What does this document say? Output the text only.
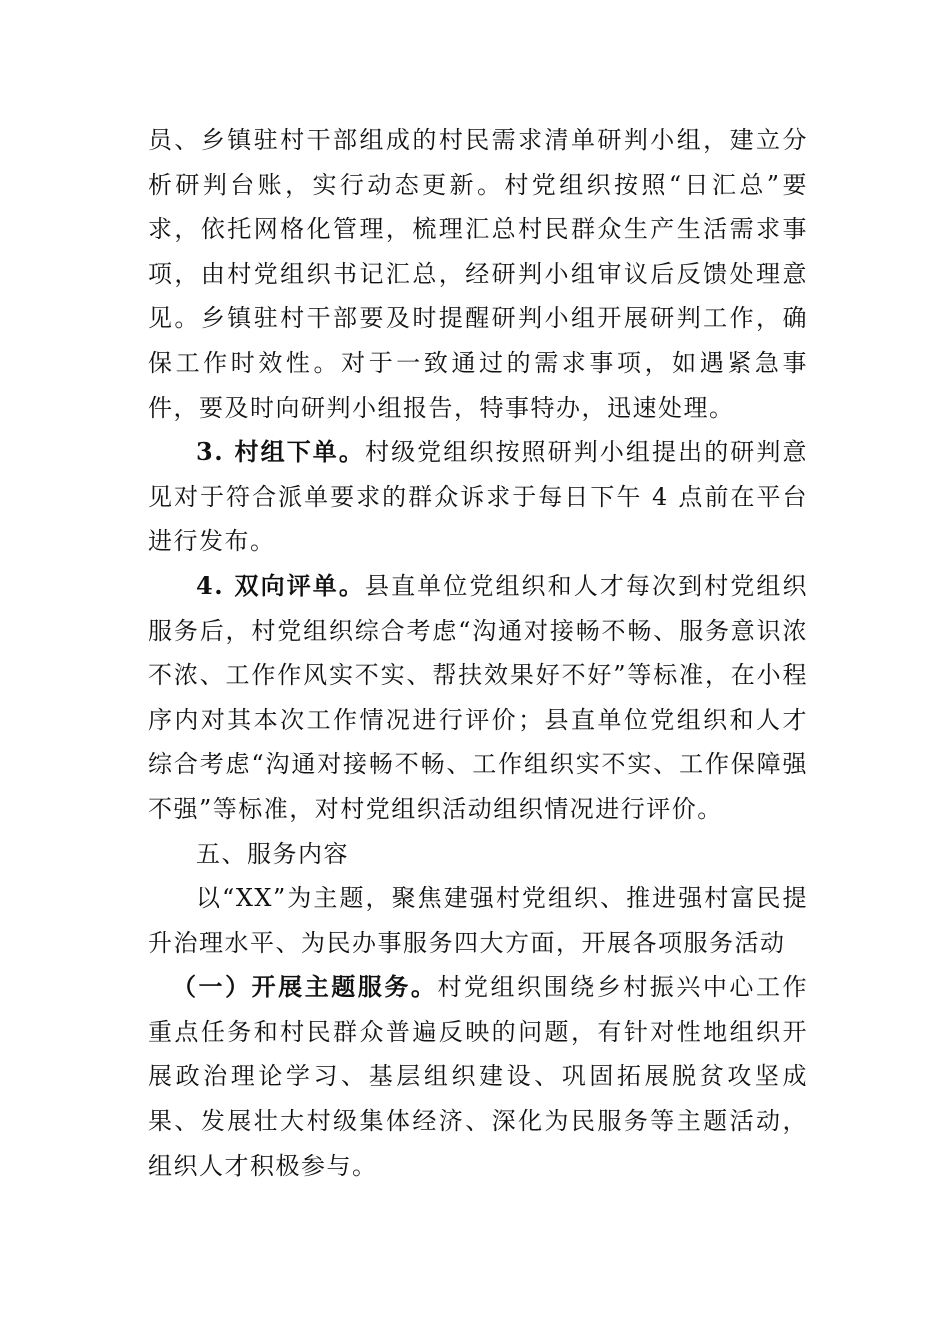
员、乡镇驻村干部组成的村民需求清单研判小组，建立分析研判台账，实行动态更新。村党组织按照“日汇总”要求，依托网格化管理，梳理汇总村民群众生产生活需求事项，由村党组织书记汇总，经研判小组审议后反馈处理意见。乡镇驻村干部要及时提醒研判小组开展研判工作，确保工作时效性。对于一致通过的需求事项，如遇紧急事件，要及时向研判小组报告，特事特办，迅速处理。

3. 村组下单。村级党组织按照研判小组提出的研判意见对于符合派单要求的群众诉求于每日下午 4 点前在平台进行发布。

4. 双向评单。县直单位党组织和人才每次到村党组织服务后，村党组织综合考虑“沟通对接畅不畅、服务意识浓不浓、工作作风实不实、帮扶效果好不好”等标准，在小程序内对其本次工作情况进行评价；县直单位党组织和人才综合考虑“沟通对接畅不畅、工作组织实不实、工作保障强不强”等标准，对村党组织活动组织情况进行评价。

五、服务内容

以“XX”为主题，聚焦建强村党组织、推进强村富民提升治理水平、为民办事服务四大方面，开展各项服务活动

（一）开展主题服务。村党组织围绕乡村振兴中心工作重点任务和村民群众普遍反映的问题，有针对性地组织开展政治理论学习、基层组织建设、巩固拓展脱贫攻坚成果、发展壮大村级集体经济、深化为民服务等主题活动，组织人才积极参与。
